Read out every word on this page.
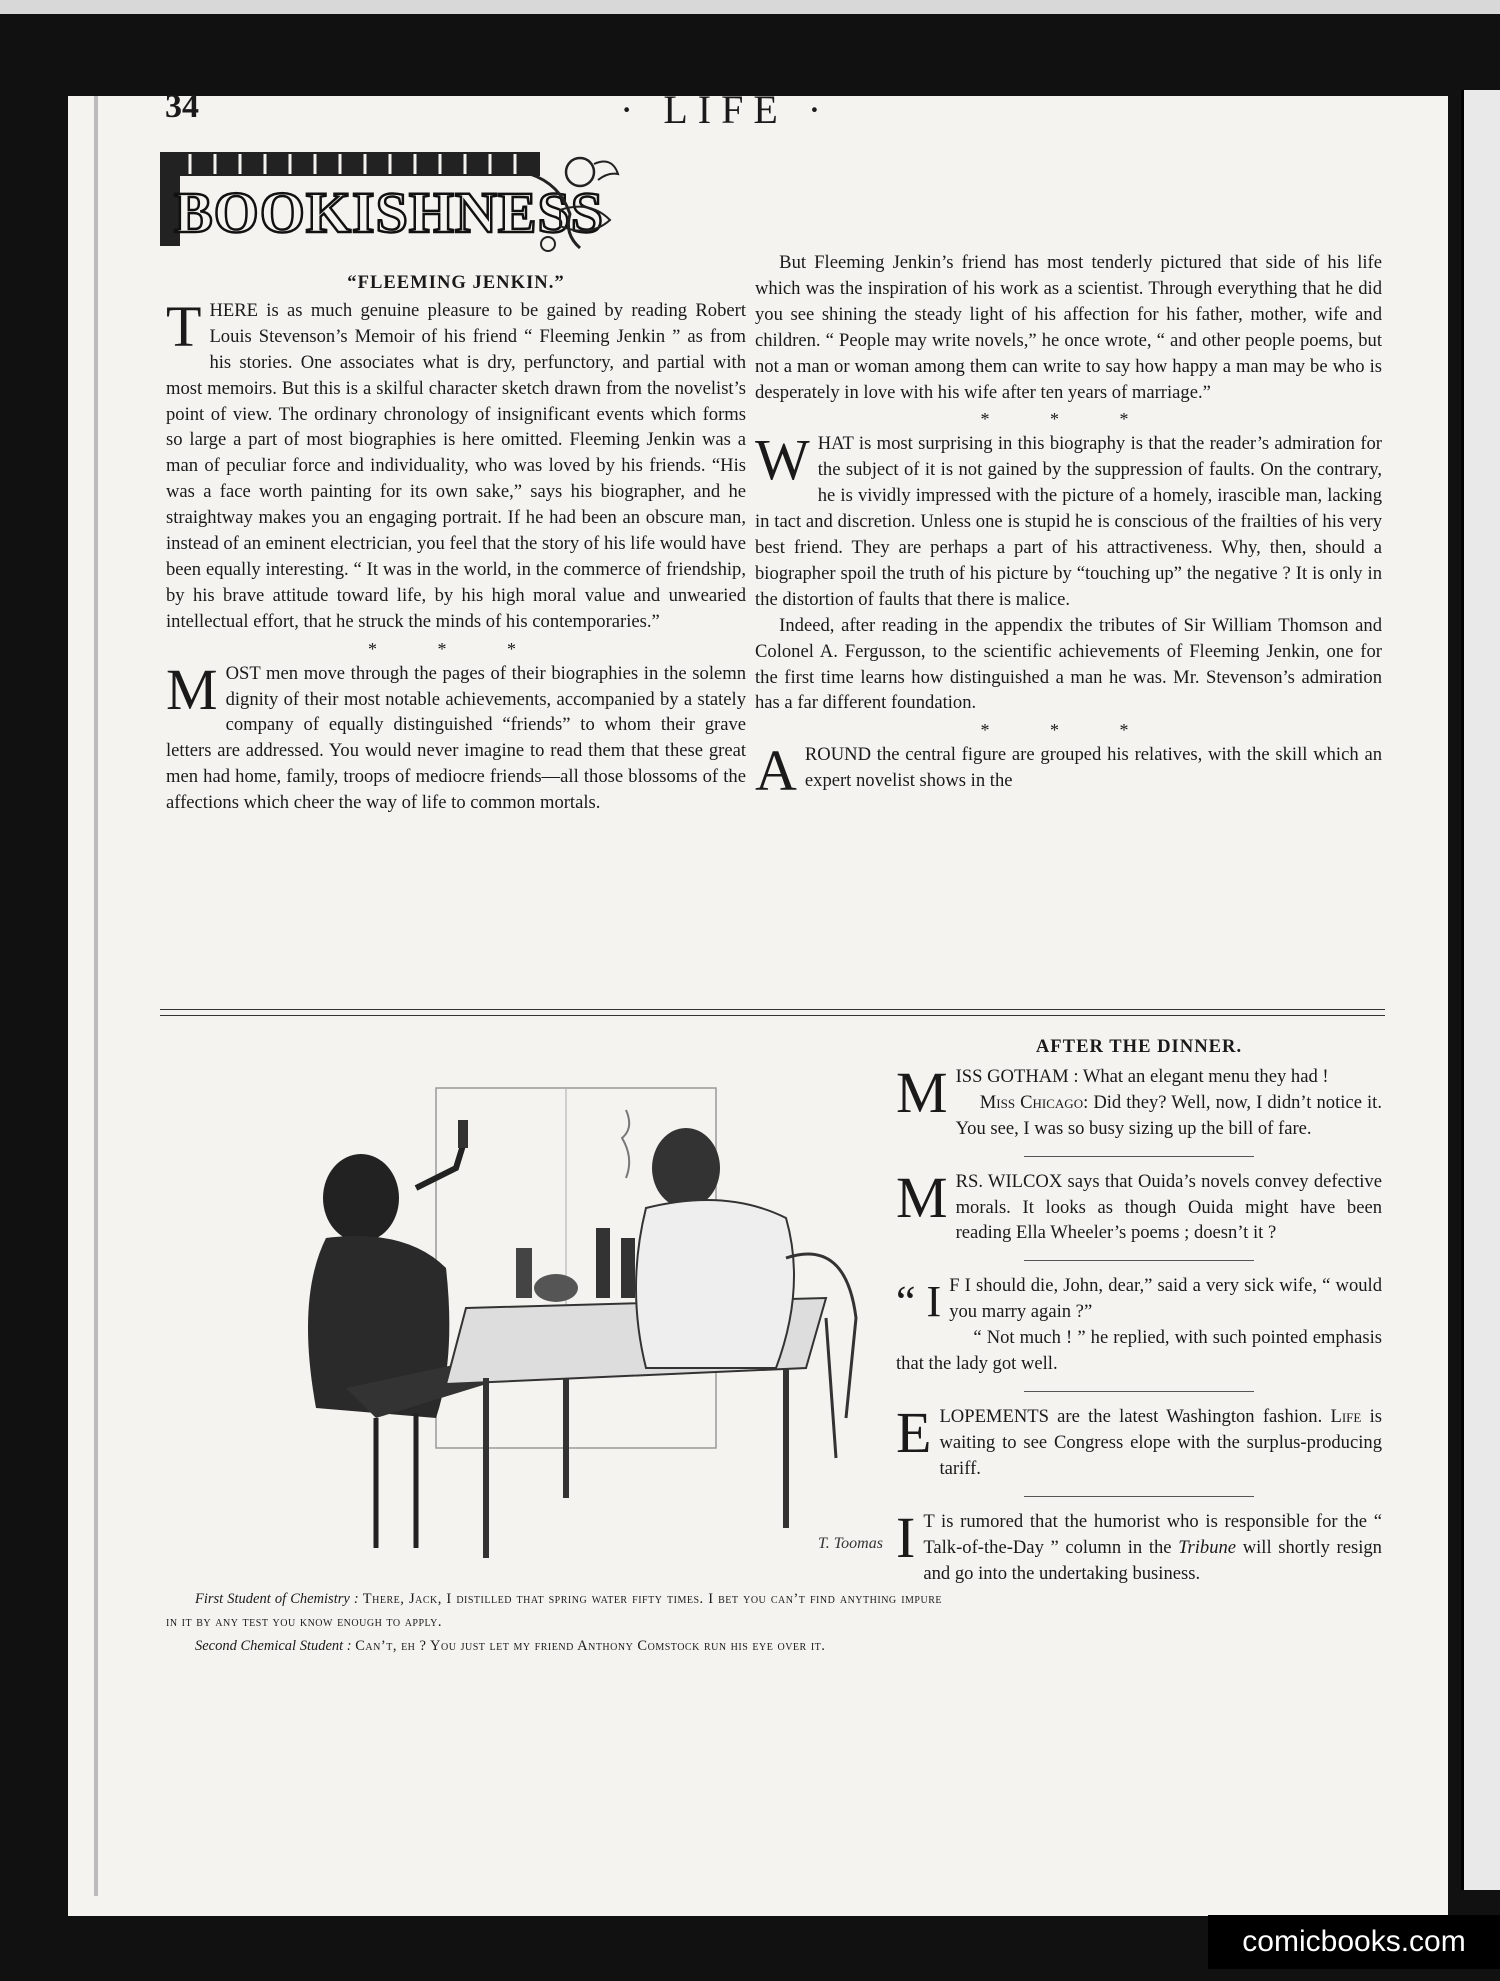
34	· LIFE ·
BOOKISHNESS
“FLEEMING JENKIN.”

THERE is as much genuine pleasure to be gained by reading Robert Louis Stevenson’s Memoir of his friend “ Fleeming Jenkin ” as from his stories. One associates what is dry, perfunctory, and partial with most memoirs. But this is a skilful character sketch drawn from the novelist’s point of view. The ordinary chronology of insignificant events which forms so large a part of most biographies is here omitted. Fleeming Jenkin was a man of peculiar force and individuality, who was loved by his friends. “His was a face worth painting for its own sake,” says his biographer, and he straightway makes you an engaging portrait. If he had been an obscure man, instead of an eminent electrician, you feel that the story of his life would have been equally interesting. “ It was in the world, in the commerce of friendship, by his brave attitude toward life, by his high moral value and unwearied intellectual effort, that he struck the minds of his contemporaries.”

* * *

MOST men move through the pages of their biographies in the solemn dignity of their most notable achievements, accompanied by a stately company of equally distinguished “friends” to whom their grave letters are addressed. You would never imagine to read them that these great men had home, family, troops of mediocre friends—all those blossoms of the affections which cheer the way of life to common mortals.

But Fleeming Jenkin’s friend has most tenderly pictured that side of his life which was the inspiration of his work as a scientist. Through everything that he did you see shining the steady light of his affection for his father, mother, wife and children. “ People may write novels,” he once wrote, “ and other people poems, but not a man or woman among them can write to say how happy a man may be who is desperately in love with his wife after ten years of marriage.”

* * *

WHAT is most surprising in this biography is that the reader’s admiration for the subject of it is not gained by the suppression of faults. On the contrary, he is vividly impressed with the picture of a homely, irascible man, lacking in tact and discretion. Unless one is stupid he is conscious of the frailties of his very best friend. They are perhaps a part of his attractiveness. Why, then, should a biographer spoil the truth of his picture by “touching up” the negative ? It is only in the distortion of faults that there is malice.

Indeed, after reading in the appendix the tributes of Sir William Thomson and Colonel A. Fergusson, to the scientific achievements of Fleeming Jenkin, one for the first time learns how distinguished a man he was. Mr. Stevenson’s admiration has a far different foundation.

* * *

AROUND the central figure are grouped his relatives, with the skill which an expert novelist shows in the

T. Toomas

First Student of Chemistry : There, Jack, I distilled that spring water fifty times. I bet you can’t find anything impure in it by any test you know enough to apply.

Second Chemical Student : Can’t, eh ? You just let my friend Anthony Comstock run his eye over it.

AFTER THE DINNER.

MISS GOTHAM : What an elegant menu they had !

Miss Chicago: Did they? Well, now, I didn’t notice it. You see, I was so busy sizing up the bill of fare.

MRS. WILCOX says that Ouida’s novels convey defective morals. It looks as though Ouida might have been reading Ella Wheeler’s poems ; doesn’t it ?

“ I F I should die, John, dear,” said a very sick wife, “ would you marry again ?”

“ Not much ! ” he replied, with such pointed emphasis that the lady got well.

ELOPEMENTS are the latest Washington fashion. Life is waiting to see Congress elope with the surplus-producing tariff.

I T is rumored that the humorist who is responsible for the “ Talk-of-the-Day ” column in the Tribune will shortly resign and go into the undertaking business.

comicbooks.com
